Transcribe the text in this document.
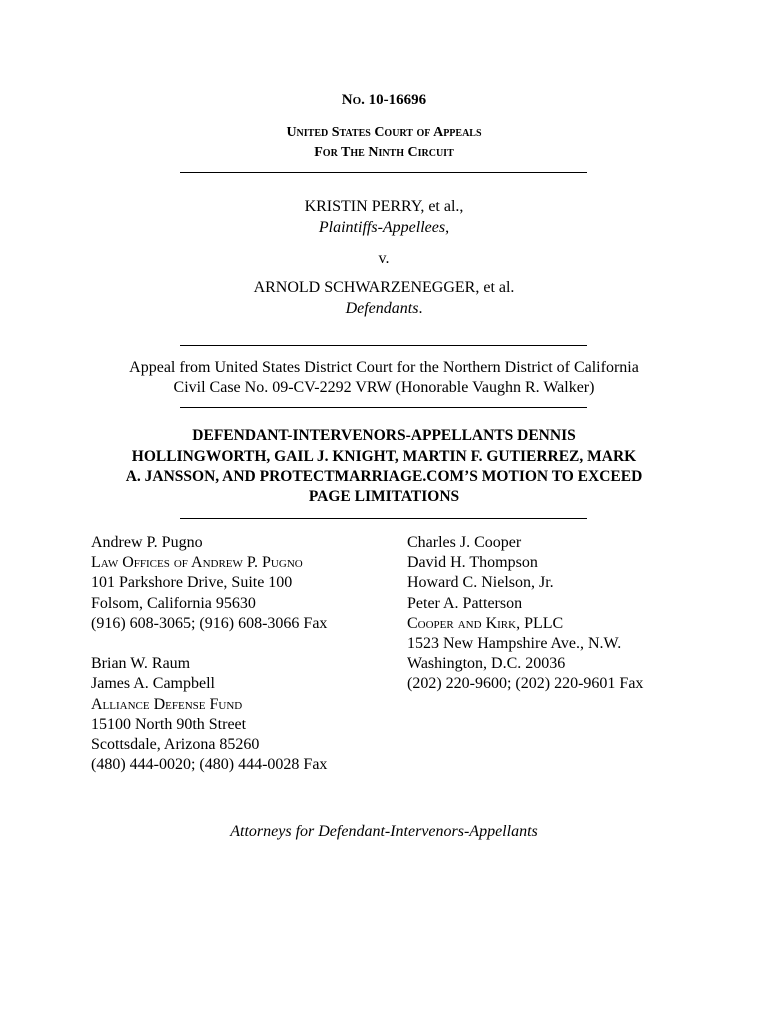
No. 10-16696
United States Court of Appeals
For The Ninth Circuit
KRISTIN PERRY, et al.,
Plaintiffs-Appellees,
v.
ARNOLD SCHWARZENEGGER, et al.
Defendants.
Appeal from United States District Court for the Northern District of California
Civil Case No. 09-CV-2292 VRW (Honorable Vaughn R. Walker)
DEFENDANT-INTERVENORS-APPELLANTS DENNIS
HOLLINGWORTH, GAIL J. KNIGHT, MARTIN F. GUTIERREZ, MARK
A. JANSSON, AND PROTECTMARRIAGE.COM’S MOTION TO EXCEED
PAGE LIMITATIONS
Andrew P. Pugno
Law Offices of Andrew P. Pugno
101 Parkshore Drive, Suite 100
Folsom, California 95630
(916) 608-3065; (916) 608-3066 Fax
Brian W. Raum
James A. Campbell
Alliance Defense Fund
15100 North 90th Street
Scottsdale, Arizona 85260
(480) 444-0020; (480) 444-0028 Fax
Charles J. Cooper
David H. Thompson
Howard C. Nielson, Jr.
Peter A. Patterson
Cooper and Kirk, PLLC
1523 New Hampshire Ave., N.W.
Washington, D.C. 20036
(202) 220-9600; (202) 220-9601 Fax
Attorneys for Defendant-Intervenors-Appellants
